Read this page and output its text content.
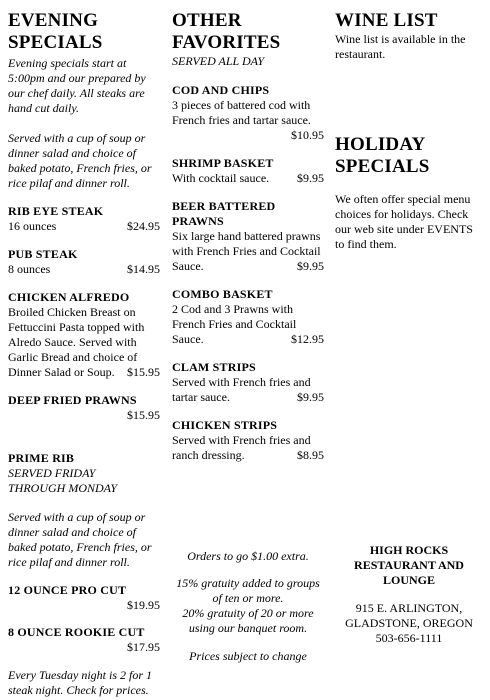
EVENING
SPECIALS
Evening specials start at
5:00pm and our prepared by
our chef daily. All steaks are
hand cut daily.
Served with a cup of soup or
dinner salad and choice of
baked potato, French fries, or
rice pilaf and dinner roll.
RIB EYE STEAK
16 ounces	$24.95
PUB STEAK
8 ounces	$14.95
CHICKEN ALFREDO
Broiled Chicken Breast on
Fettuccini Pasta topped with
Alredo Sauce. Served with
Garlic Bread and choice of
Dinner Salad or Soup. $15.95
DEEP FRIED PRAWNS
$15.95
PRIME RIB
SERVED FRIDAY
THROUGH MONDAY
Served with a cup of soup or
dinner salad and choice of
baked potato, French fries, or
rice pilaf and dinner roll.
12 OUNCE PRO CUT
$19.95
8 OUNCE ROOKIE CUT
$17.95
Every Tuesday night is 2 for 1
steak night. Check for prices.
OTHER
FAVORITES
SERVED ALL DAY
COD AND CHIPS
3 pieces of battered cod with
French fries and tartar sauce.
$10.95
SHRIMP BASKET
With cocktail sauce. $9.95
BEER BATTERED
PRAWNS
Six large hand battered prawns
with French Fries and Cocktail
Sauce.	$9.95
COMBO BASKET
2 Cod and 3 Prawns with
French Fries and Cocktail
Sauce.	$12.95
CLAM STRIPS
Served with French fries and
tartar sauce.	$9.95
CHICKEN STRIPS
Served with French fries and
ranch dressing.	$8.95
Orders to go $1.00 extra.
15% gratuity added to groups
of ten or more.
20% gratuity of 20 or more
using our banquet room.
Prices subject to change
WINE LIST
Wine list is available in the
restaurant.
HOLIDAY
SPECIALS
We often offer special menu
choices for holidays. Check
our web site under EVENTS
to find them.
HIGH ROCKS
RESTAURANT AND
LOUNGE
915 E. ARLINGTON,
GLADSTONE, OREGON
503-656-1111
